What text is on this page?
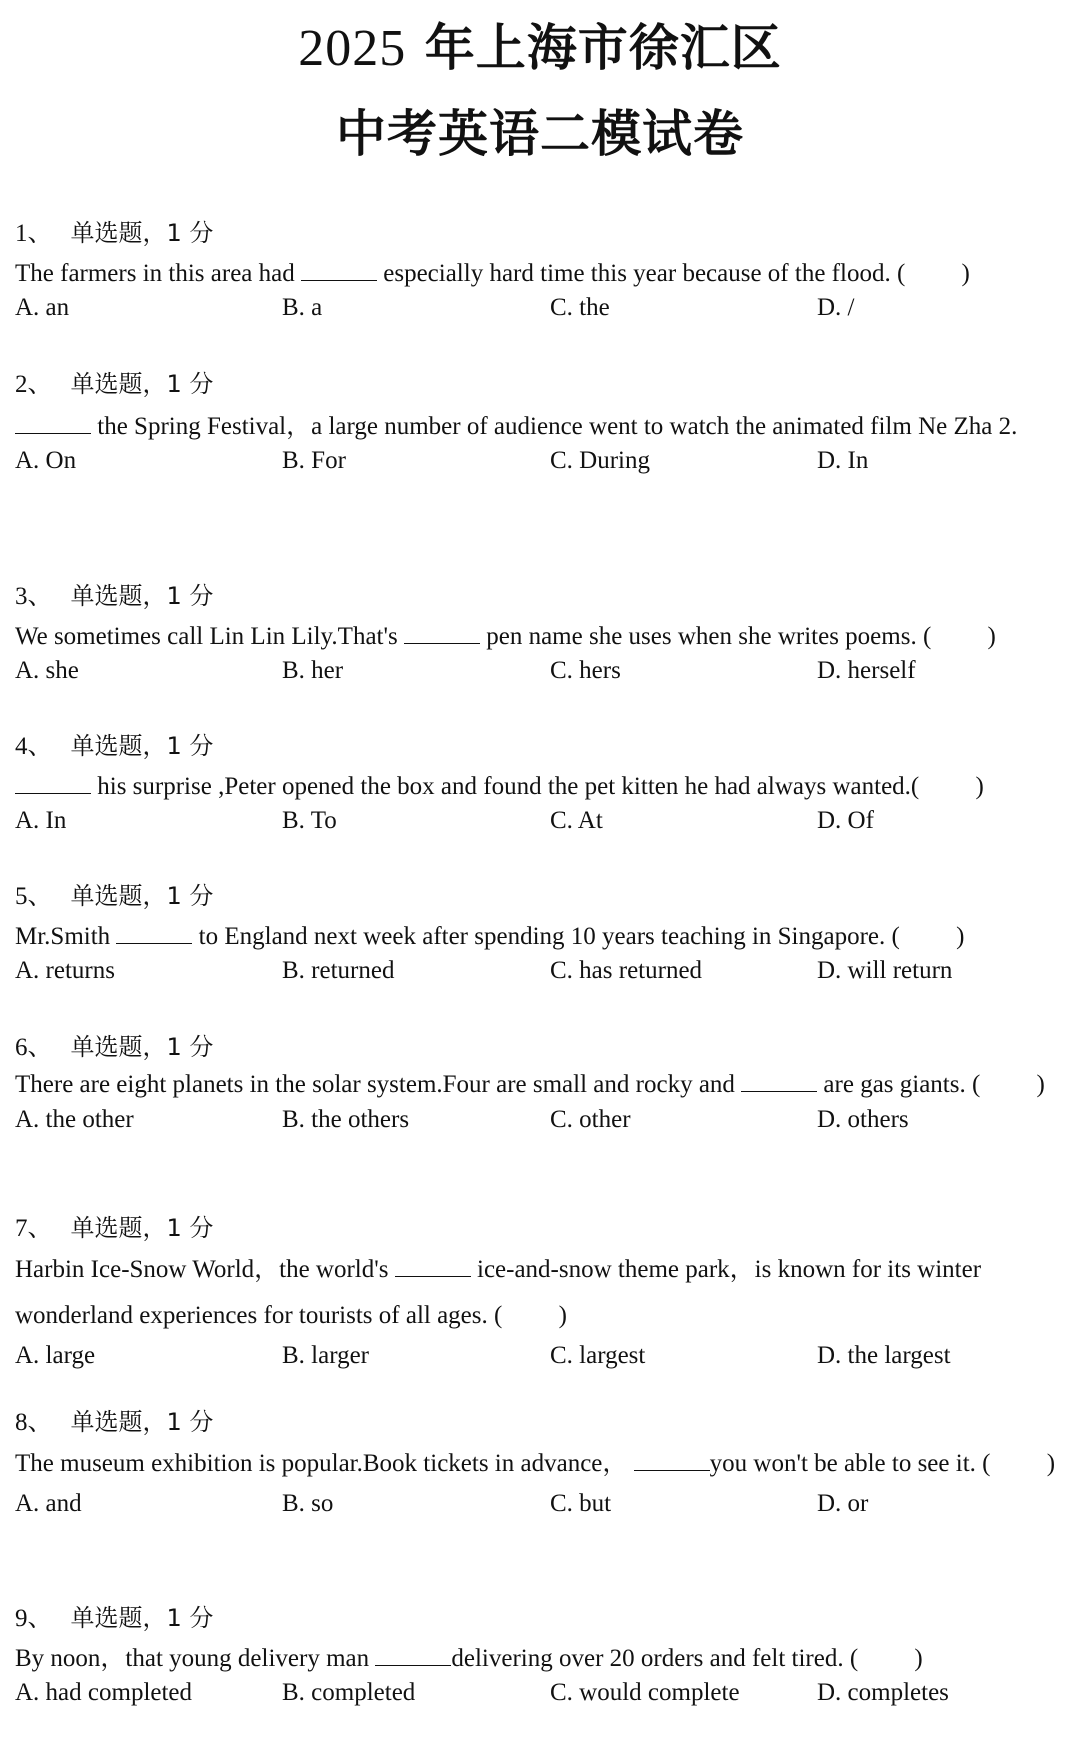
2025 年上海市徐汇区
中考英语二模试卷
1、 单选题，1 分
The farmers in this area had	especially hard time this year because of the flood. (         )
A. an	B. a	C. the	D. /
2、 单选题，1 分
the Spring Festival，a large number of audience went to watch the animated film Ne Zha 2.
A. On	B. For	C. During	D. In
3、 单选题，1 分
We sometimes call Lin Lin Lily.That's	pen name she uses when she writes poems. (         )
A. she	B. her	C. hers	D. herself
4、 单选题，1 分
his surprise ,Peter opened the box and found the pet kitten he had always wanted.(         )
A. In	B. To	C. At	D. Of
5、 单选题，1 分
Mr.Smith	to England next week after spending 10 years teaching in Singapore. (         )
A. returns	B. returned	C. has returned	D. will return
6、 单选题，1 分
There are eight planets in the solar system.Four are small and rocky and	are gas giants. (         )
A. the other	B. the others	C. other	D. others
7、 单选题，1 分
Harbin Ice-Snow World，the world's	ice-and-snow theme park，is known for its winter wonderland experiences for tourists of all ages. (         )
A. large	B. larger	C. largest	D. the largest
8、 单选题，1 分
The museum exhibition is popular.Book tickets in advance，	you won't be able to see it. (         )
A. and	B. so	C. but	D. or
9、 单选题，1 分
By noon，that young delivery man	delivering over 20 orders and felt tired. (         )
A. had completed	B. completed	C. would complete	D. completes
